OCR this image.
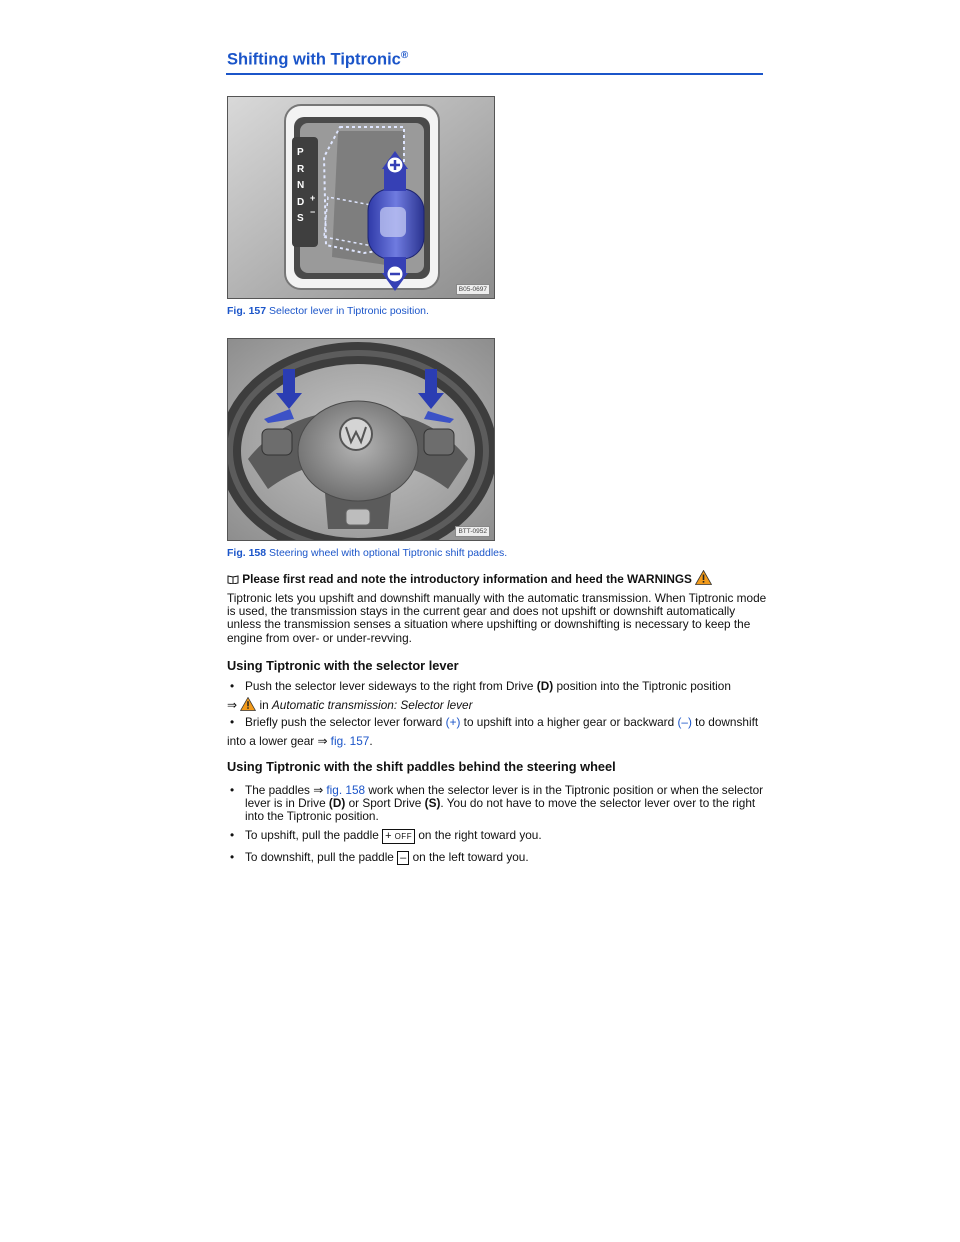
Shifting with Tiptronic®
P
R
N
D
S
+
−
B05-0697
Fig. 157 Selector lever in Tiptronic position.
BTT-0952
Fig. 158 Steering wheel with optional Tiptronic shift paddles.
Please first read and note the introductory information and heed the WARNINGS
Tiptronic lets you upshift and downshift manually with the automatic transmission. When Tiptronic mode is used, the transmission stays in the current gear and does not upshift or downshift automatically unless the transmission senses a situation where upshifting or downshifting is necessary to keep the engine from over- or under-revving.
Using Tiptronic with the selector lever
• Push the selector lever sideways to the right from Drive (D) position into the Tiptronic position
⇒ in Automatic transmission: Selector lever
• Briefly push the selector lever forward (+) to upshift into a higher gear or backward (–) to downshift
into a lower gear ⇒ fig. 157.
Using Tiptronic with the shift paddles behind the steering wheel
• The paddles ⇒ fig. 158 work when the selector lever is in the Tiptronic position or when the selector lever is in Drive (D) or Sport Drive (S). You do not have to move the selector lever over to the right into the Tiptronic position.
• To upshift, pull the paddle + OFF on the right toward you.
• To downshift, pull the paddle – on the left toward you.
